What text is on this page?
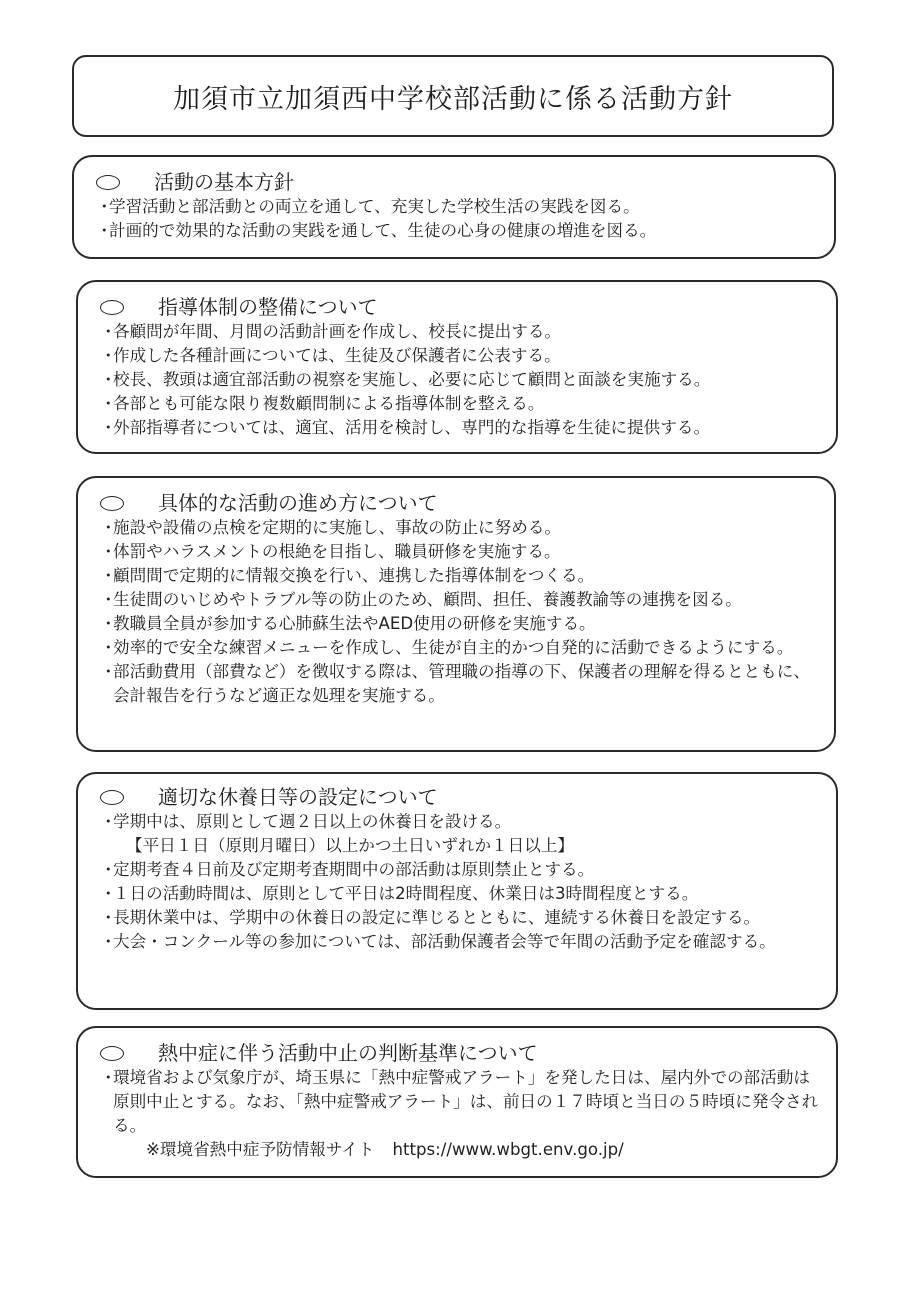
加須市立加須西中学校部活動に係る活動方針
活動の基本方針
・学習活動と部活動との両立を通して、充実した学校生活の実践を図る。
・計画的で効果的な活動の実践を通して、生徒の心身の健康の増進を図る。
指導体制の整備について
・各顧問が年間、月間の活動計画を作成し、校長に提出する。
・作成した各種計画については、生徒及び保護者に公表する。
・校長、教頭は適宜部活動の視察を実施し、必要に応じて顧問と面談を実施する。
・各部とも可能な限り複数顧問制による指導体制を整える。
・外部指導者については、適宜、活用を検討し、専門的な指導を生徒に提供する。
具体的な活動の進め方について
・施設や設備の点検を定期的に実施し、事故の防止に努める。
・体罰やハラスメントの根絶を目指し、職員研修を実施する。
・顧問間で定期的に情報交換を行い、連携した指導体制をつくる。
・生徒間のいじめやトラブル等の防止のため、顧問、担任、養護教諭等の連携を図る。
・教職員全員が参加する心肺蘇生法やAED使用の研修を実施する。
・効率的で安全な練習メニューを作成し、生徒が自主的かつ自発的に活動できるようにする。
・部活動費用（部費など）を徴収する際は、管理職の指導の下、保護者の理解を得るとともに、会計報告を行うなど適正な処理を実施する。
適切な休養日等の設定について
・学期中は、原則として週２日以上の休養日を設ける。
【平日１日（原則月曜日）以上かつ土日いずれか１日以上】
・定期考査４日前及び定期考査期間中の部活動は原則禁止とする。
・１日の活動時間は、原則として平日は2時間程度、休業日は3時間程度とする。
・長期休業中は、学期中の休養日の設定に準じるとともに、連続する休養日を設定する。
・大会・コンクール等の参加については、部活動保護者会等で年間の活動予定を確認する。
熱中症に伴う活動中止の判断基準について
・環境省および気象庁が、埼玉県に「熱中症警戒アラート」を発した日は、屋内外での部活動は原則中止とする。なお、「熱中症警戒アラート」は、前日の１７時頃と当日の５時頃に発令される。
※環境省熱中症予防情報サイト https://www.wbgt.env.go.jp/
